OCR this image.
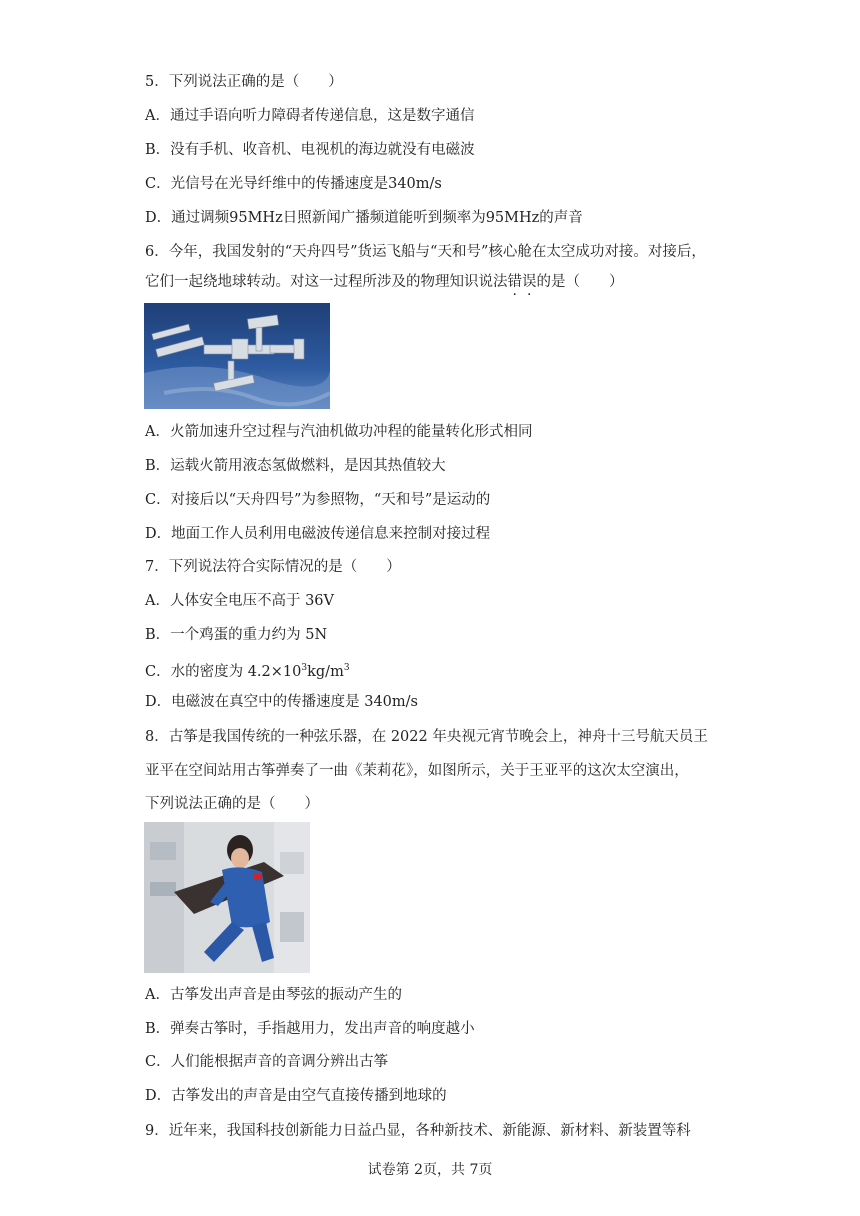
5．下列说法正确的是（　　）
A．通过手语向听力障碍者传递信息，这是数字通信
B．没有手机、收音机、电视机的海边就没有电磁波
C．光信号在光导纤维中的传播速度是340m/s
D．通过调频95MHz日照新闻广播频道能听到频率为95MHz的声音
6．今年，我国发射的“天舟四号”货运飞船与“天和号”核心舱在太空成功对接。对接后，
它们一起绕地球转动。对这一过程所涉及的物理知识说法错误的是（　　）
A．火箭加速升空过程与汽油机做功冲程的能量转化形式相同
B．运载火箭用液态氢做燃料，是因其热值较大
C．对接后以“天舟四号”为参照物，“天和号”是运动的
D．地面工作人员利用电磁波传递信息来控制对接过程
7．下列说法符合实际情况的是（　　）
A．人体安全电压不高于 36V
B．一个鸡蛋的重力约为 5N
C．水的密度为 $4.2\times 10^3kg/m^3$
D．电磁波在真空中的传播速度是 340m/s
8．古筝是我国传统的一种弦乐器，在 2022 年央视元宵节晚会上，神舟十三号航天员王
亚平在空间站用古筝弹奏了一曲《茉莉花》，如图所示，关于王亚平的这次太空演出，
下列说法正确的是（　　）
A．古筝发出声音是由琴弦的振动产生的
B．弹奏古筝时，手指越用力，发出声音的响度越小
C．人们能根据声音的音调分辨出古筝
D．古筝发出的声音是由空气直接传播到地球的
9．近年来，我国科技创新能力日益凸显，各种新技术、新能源、新材料、新装置等科
试卷第 2页，共 7页
